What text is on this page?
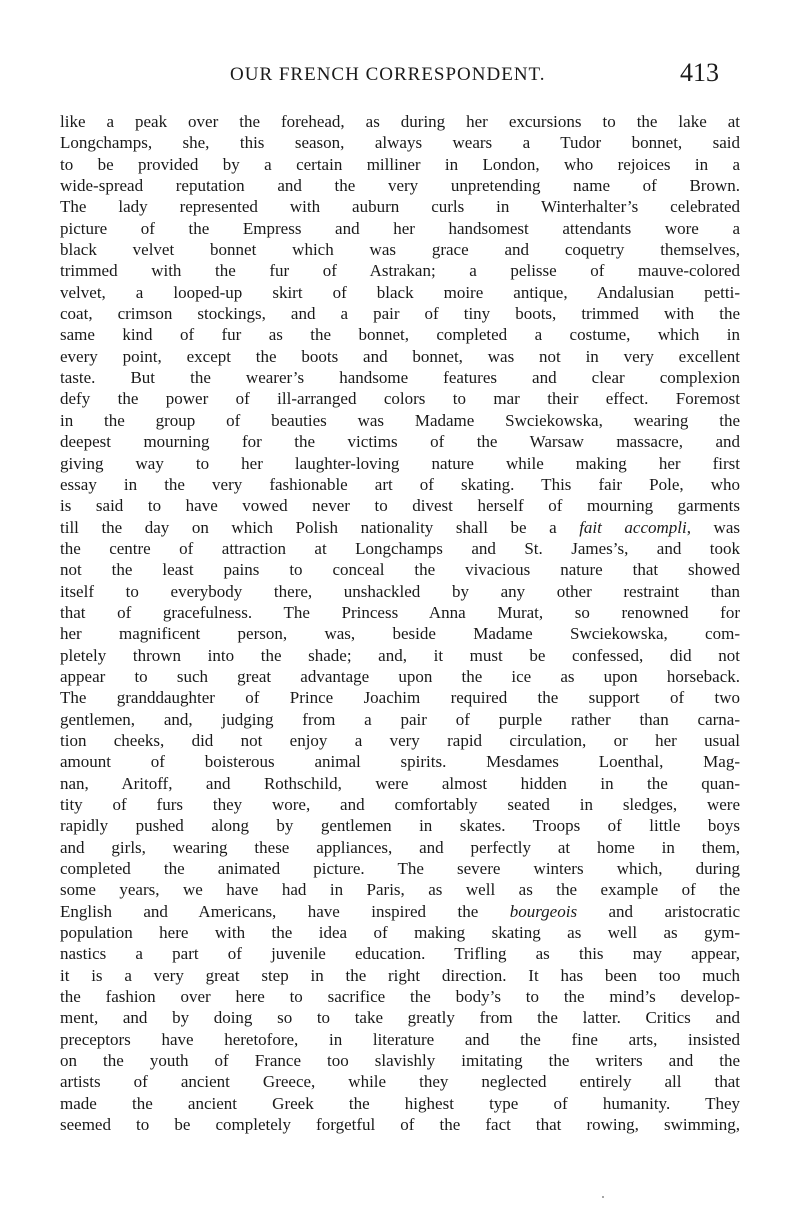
OUR FRENCH CORRESPONDENT.	413
like a peak over the forehead, as during her excursions to the lake at
Longchamps, she, this season, always wears a Tudor bonnet, said
to be provided by a certain milliner in London, who rejoices in a
wide-spread reputation and the very unpretending name of Brown.
The lady represented with auburn curls in Winterhalter’s celebrated
picture of the Empress and her handsomest attendants wore a
black velvet bonnet which was grace and coquetry themselves,
trimmed with the fur of Astrakan; a pelisse of mauve-colored
velvet, a looped-up skirt of black moire antique, Andalusian petti-
coat, crimson stockings, and a pair of tiny boots, trimmed with the
same kind of fur as the bonnet, completed a costume, which in
every point, except the boots and bonnet, was not in very excellent
taste. But the wearer’s handsome features and clear complexion
defy the power of ill-arranged colors to mar their effect. Foremost
in the group of beauties was Madame Swciekowska, wearing the
deepest mourning for the victims of the Warsaw massacre, and
giving way to her laughter-loving nature while making her first
essay in the very fashionable art of skating. This fair Pole, who
is said to have vowed never to divest herself of mourning garments
till the day on which Polish nationality shall be a fait accompli, was
the centre of attraction at Longchamps and St. James’s, and took
not the least pains to conceal the vivacious nature that showed
itself to everybody there, unshackled by any other restraint than
that of gracefulness. The Princess Anna Murat, so renowned for
her magnificent person, was, beside Madame Swciekowska, com-
pletely thrown into the shade; and, it must be confessed, did not
appear to such great advantage upon the ice as upon horseback.
The granddaughter of Prince Joachim required the support of two
gentlemen, and, judging from a pair of purple rather than carna-
tion cheeks, did not enjoy a very rapid circulation, or her usual
amount of boisterous animal spirits. Mesdames Loenthal, Mag-
nan, Aritoff, and Rothschild, were almost hidden in the quan-
tity of furs they wore, and comfortably seated in sledges, were
rapidly pushed along by gentlemen in skates. Troops of little boys
and girls, wearing these appliances, and perfectly at home in them,
completed the animated picture. The severe winters which, during
some years, we have had in Paris, as well as the example of the
English and Americans, have inspired the bourgeois and aristocratic
population here with the idea of making skating as well as gym-
nastics a part of juvenile education. Trifling as this may appear,
it is a very great step in the right direction. It has been too much
the fashion over here to sacrifice the body’s to the mind’s develop-
ment, and by doing so to take greatly from the latter. Critics and
preceptors have heretofore, in literature and the fine arts, insisted
on the youth of France too slavishly imitating the writers and the
artists of ancient Greece, while they neglected entirely all that
made the ancient Greek the highest type of humanity. They
seemed to be completely forgetful of the fact that rowing, swimming,
